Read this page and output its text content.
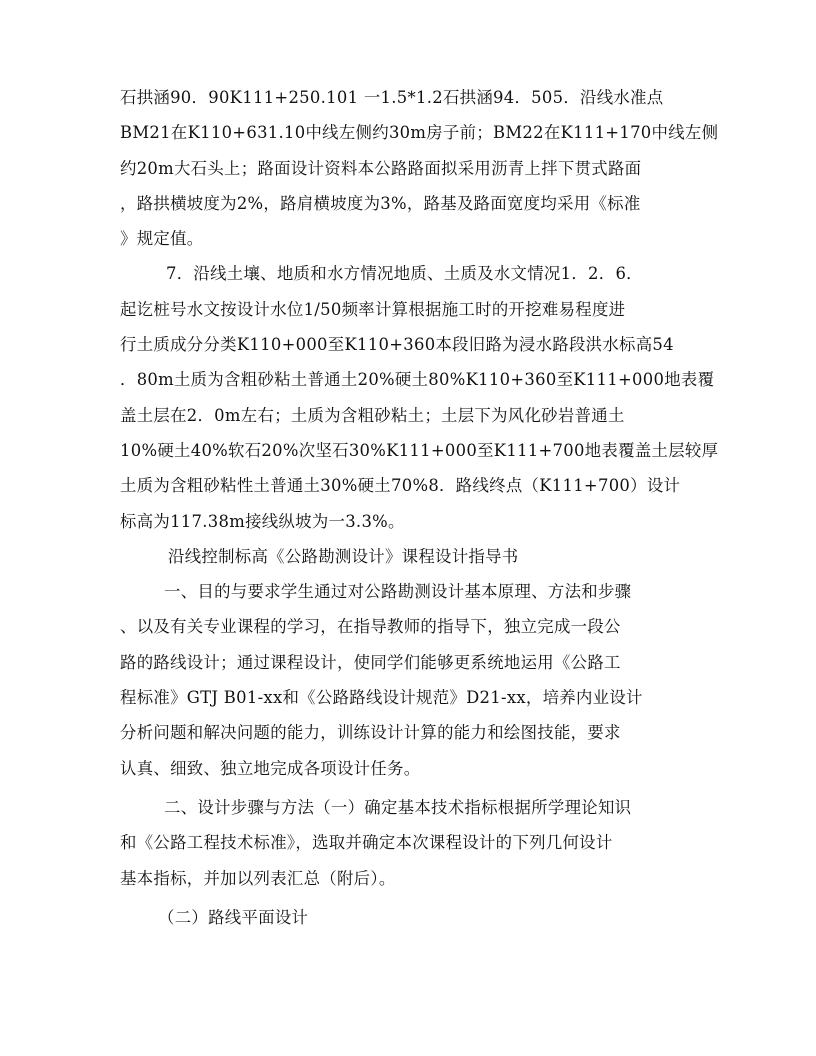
石拱涵90．90K111+250.101 一1.5*1.2石拱涵94．505．沿线水准点
BM21在K110+631.10中线左侧约30m房子前；BM22在K111+170中线左侧
约20m大石头上；路面设计资料本公路路面拟采用沥青上拌下贯式路面
，路拱横坡度为2%，路肩横坡度为3%，路基及路面宽度均采用《标准
》规定值。
7．沿线土壤、地质和水方情况地质、土质及水文情况1．2．6．
起讫桩号水文按设计水位1/50频率计算根据施工时的开挖难易程度进
行土质成分分类K110+000至K110+360本段旧路为浸水路段洪水标高54
．80m土质为含粗砂粘土普通土20%硬土80%K110+360至K111+000地表覆
盖土层在2．0m左右；土质为含粗砂粘土；土层下为风化砂岩普通土
10%硬土40%软石20%次坚石30%K111+000至K111+700地表覆盖土层较厚
土质为含粗砂粘性土普通土30%硬土70%8．路线终点（K111+700）设计
标高为117.38m接线纵坡为一3.3%。
沿线控制标高《公路勘测设计》课程设计指导书
一、目的与要求学生通过对公路勘测设计基本原理、方法和步骤
、以及有关专业课程的学习，在指导教师的指导下，独立完成一段公
路的路线设计；通过课程设计，使同学们能够更系统地运用《公路工
程标准》GTJ B01-xx和《公路路线设计规范》D21-xx，培养内业设计
分析问题和解决问题的能力，训练设计计算的能力和绘图技能，要求
认真、细致、独立地完成各项设计任务。
二、设计步骤与方法（一）确定基本技术指标根据所学理论知识
和《公路工程技术标准》，选取并确定本次课程设计的下列几何设计
基本指标，并加以列表汇总（附后）。
（二）路线平面设计
